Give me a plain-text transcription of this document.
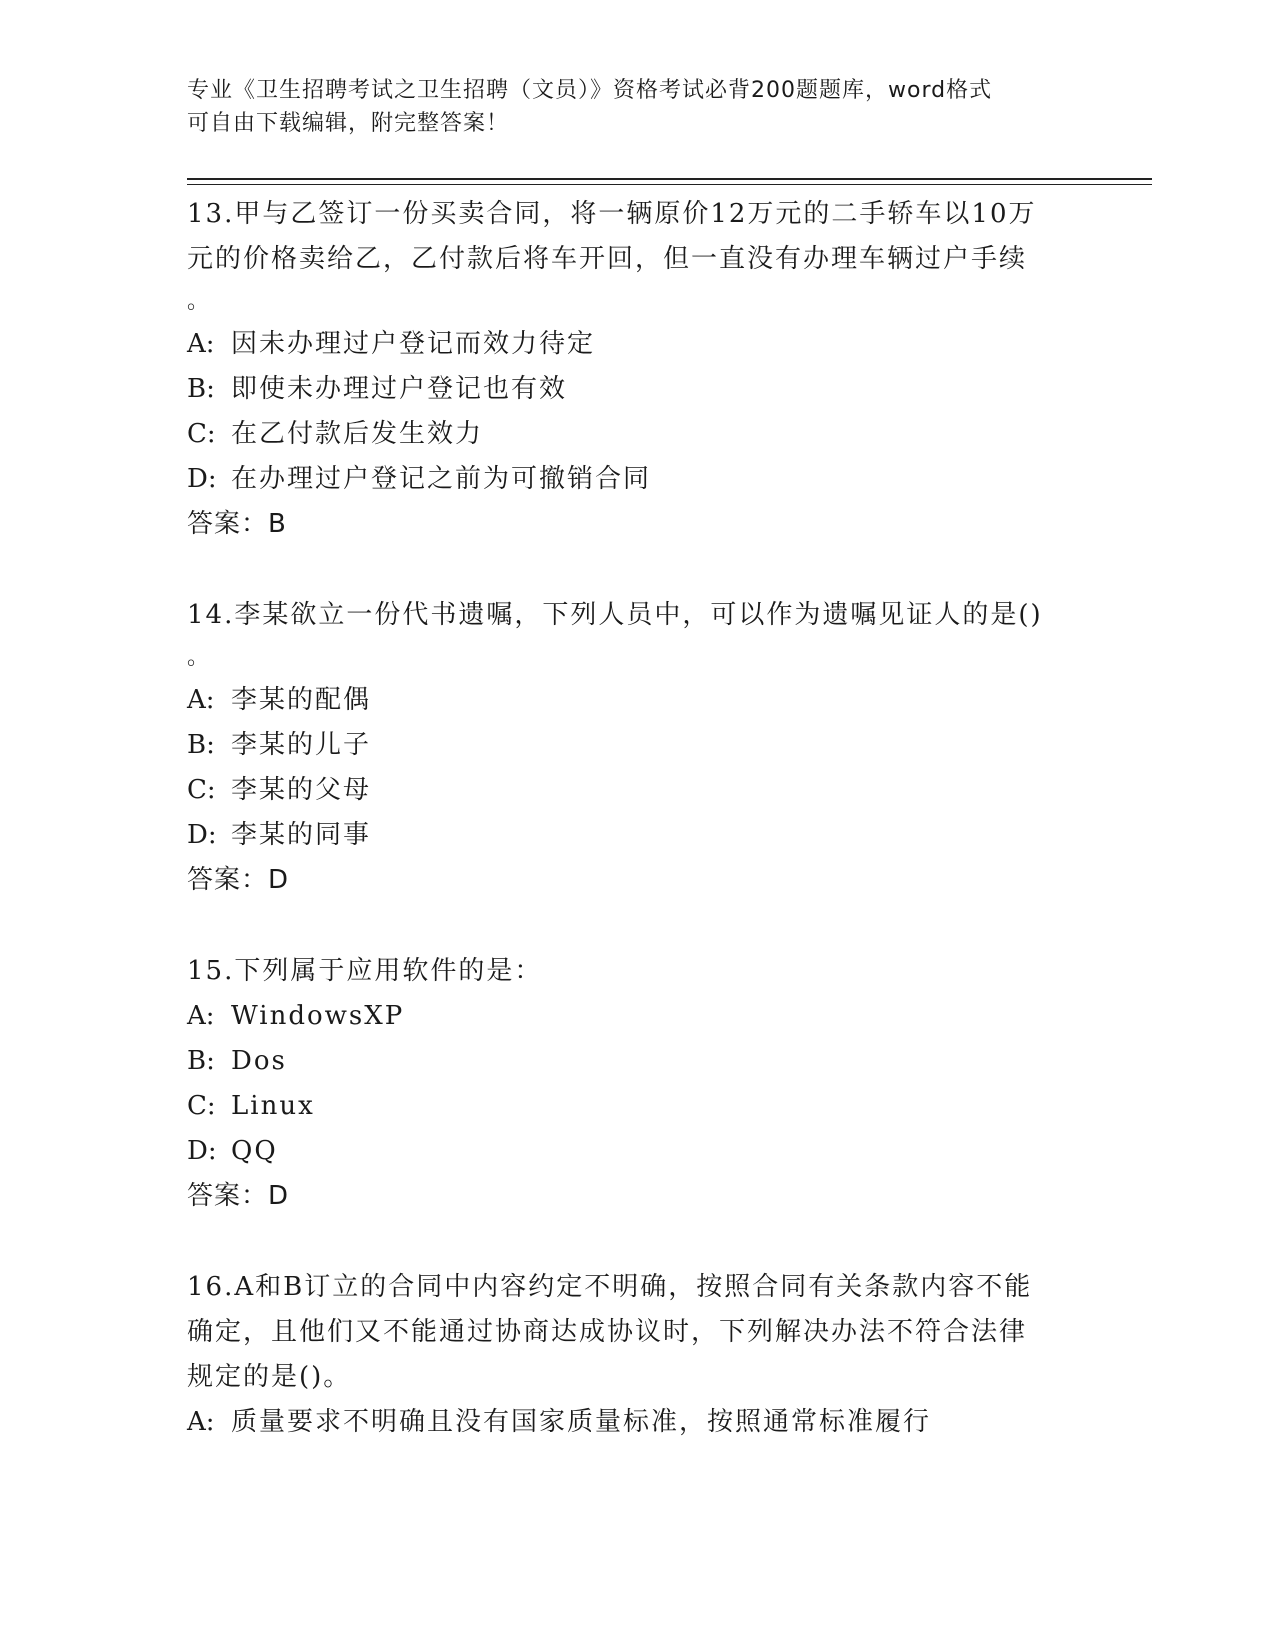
专业《卫生招聘考试之卫生招聘（文员）》资格考试必背200题题库，word格式
可自由下载编辑，附完整答案！
13.甲与乙签订一份买卖合同，将一辆原价12万元的二手轿车以10万
元的价格卖给乙，乙付款后将车开回，但一直没有办理车辆过户手续
。
A: 因未办理过户登记而效力待定
B: 即使未办理过户登记也有效
C: 在乙付款后发生效力
D: 在办理过户登记之前为可撤销合同
答案：B
14.李某欲立一份代书遗嘱，下列人员中，可以作为遗嘱见证人的是()
。
A: 李某的配偶
B: 李某的儿子
C: 李某的父母
D: 李某的同事
答案：D
15.下列属于应用软件的是：
A: WindowsXP
B: Dos
C: Linux
D: QQ
答案：D
16.A和B订立的合同中内容约定不明确，按照合同有关条款内容不能
确定，且他们又不能通过协商达成协议时，下列解决办法不符合法律
规定的是()。
A: 质量要求不明确且没有国家质量标准，按照通常标准履行
